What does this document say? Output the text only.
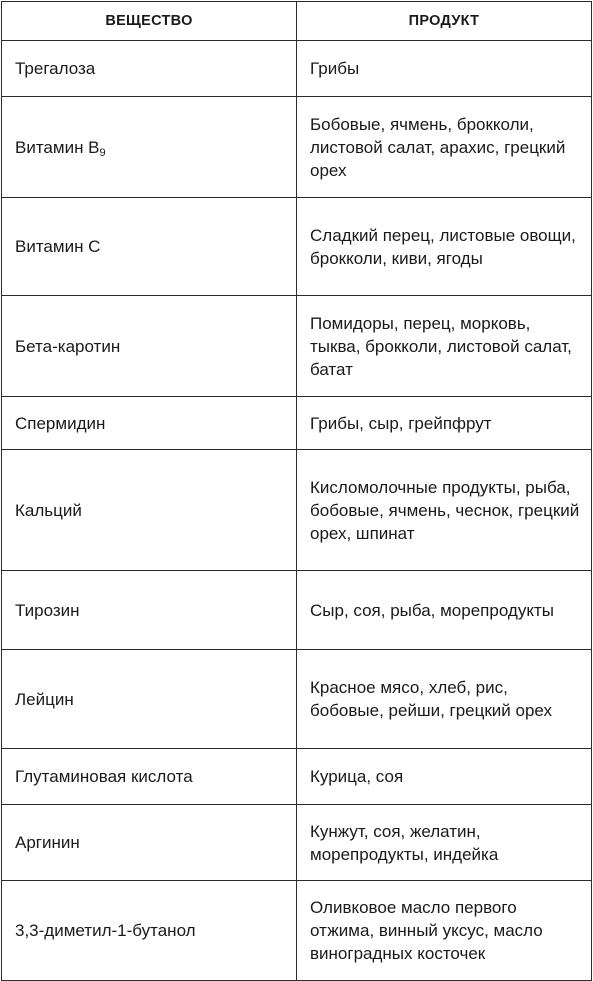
ВЕЩЕСТВО	ПРОДУКТ
Трегалоза	Грибы
Витамин $B_9$	Бобовые, ячмень, брокколи, листовой салат, арахис, грецкий орех
Витамин C	Сладкий перец, листовые овощи, брокколи, киви, ягоды
Бета-каротин	Помидоры, перец, морковь, тыква, брокколи, листовой салат, батат
Спермидин	Грибы, сыр, грейпфрут
Кальций	Кисломолочные продукты, рыба, бобовые, ячмень, чеснок, грецкий орех, шпинат
Тирозин	Сыр, соя, рыба, морепродукты
Лейцин	Красное мясо, хлеб, рис, бобовые, рейши, грецкий орех
Глутаминовая кислота	Курица, соя
Аргинин	Кунжут, соя, желатин, морепродукты, индейка
3,3-диметил-1-бутанол	Оливковое масло первого отжима, винный уксус, масло виноградных косточек
